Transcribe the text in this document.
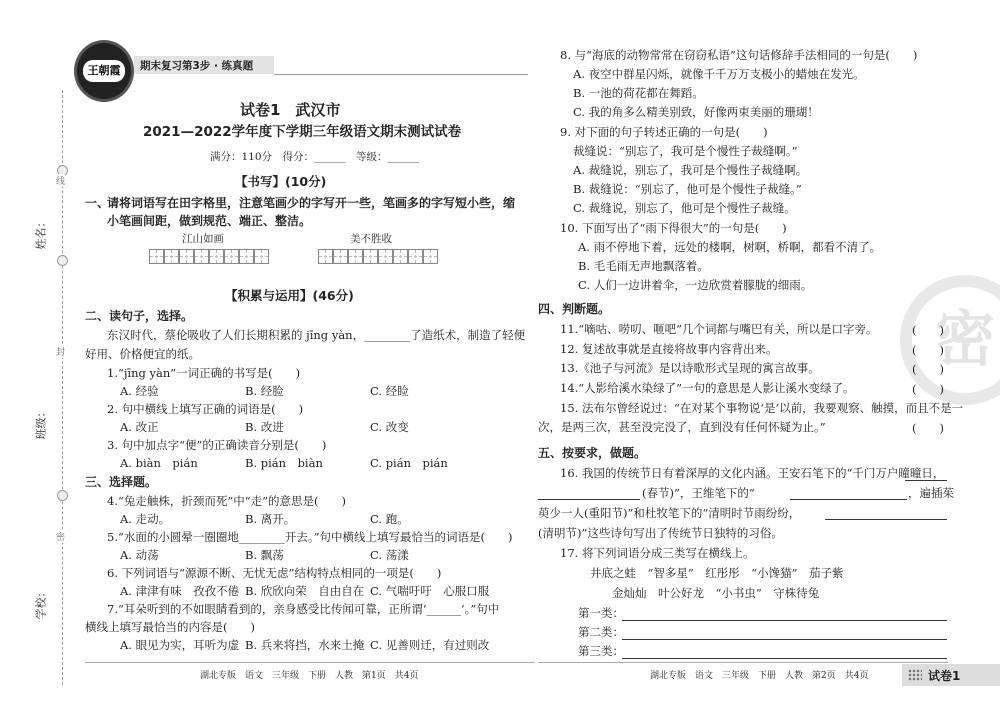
线
封
密
姓名：
班级：
学校：
王朝霞	期末复习第3步 · 练真题
试卷1　武汉市
2021—2022学年度下学期三年级语文期末测试试卷
满分：110分　得分：______　等级：______
【书写】(10分)
一、
请将词语写在田字格里，注意笔画少的字写开一些，笔画多的字写短小些，缩
小笔画间距，做到规范、端正、整洁。
江山如画	美不胜收
【积累与运用】(46分)
二、读句子，选择。
东汉时代，蔡伦吸收了人们长期积累的 jīng yàn，________了造纸术，制造了轻便
好用、价格便宜的纸。
1.“jīng yàn”一词正确的书写是(　　)
A. 经验	B. 经脸	C. 经睑
2. 句中横线上填写正确的词语是(　　)
A. 改正	B. 改进	C. 改变
3. 句中加点字“便”的正确读音分别是(　　)
A. biàn　pián	B. pián　biàn	C. pián　pián
三、选择题。
4.“兔走触株，折颈而死”中“走”的意思是(　　)
A. 走动。	B. 离开。	C. 跑。
5.“水面的小圆晕一圈圈地________开去。”句中横线上填写最恰当的词语是(　　)
A. 动荡	B. 飘荡	C. 荡漾
6. 下列词语与“源源不断、无忧无虑”结构特点相同的一项是(　　)
A. 津津有味　孜孜不倦 B. 欣欣向荣　自由自在 C. 气喘吁吁　心服口服
7.“耳朵听到的不如眼睛看到的，亲身感受比传闻可靠，正所谓‘______’。”句中
横线上填写最恰当的内容是(　　)
A. 眼见为实，耳听为虚 B. 兵来将挡，水来土掩 C. 见善则迁，有过则改
湖北专版　语文　三年级　下册　人教　第1页　共4页
密
8. 与“海底的动物常常在窃窃私语”这句话修辞手法相同的一句是(　　)
A. 夜空中群星闪烁，就像千千万万支极小的蜡烛在发光。
B. 一池的荷花都在舞蹈。
C. 我的角多么精美别致，好像两束美丽的珊瑚！
9. 对下面的句子转述正确的一句是(　　)
裁缝说：“别忘了，我可是个慢性子裁缝啊。”
A. 裁缝说，别忘了，我可是个慢性子裁缝啊。
B. 裁缝说：“别忘了，他可是个慢性子裁缝。”
C. 裁缝说，别忘了，他可是个慢性子裁缝。
10. 下面写出了“雨下得很大”的一句是(　　)
A. 雨不停地下着，远处的楼啊，树啊，桥啊，都看不清了。
B. 毛毛雨无声地飘落着。
C. 人们一边讲着伞，一边欣赏着朦胧的细雨。
四、判断题。
11.“嘀咕、唠叨、咂吧”几个词都与嘴巴有关，所以是口字旁。	(　　)
12. 复述故事就是直接将故事内容背出来。	(　　)
13.《池子与河流》是以诗歌形式呈现的寓言故事。	(　　)
14.“人影给溪水染绿了”一句的意思是人影让溪水变绿了。	(　　)
15. 法布尔曾经说过：“在对某个事物说‘是’以前，我要观察、触摸，而且不是一
次，是两三次，甚至没完没了，直到没有任何怀疑为止。”	(　　)
五、按要求，做题。
16. 我国的传统节日有着深厚的文化内涵。王安石笔下的“千门万户曈曈日，
(春节)”，王维笔下的“	，遍插茱
萸少一人(重阳节)”和杜牧笔下的“清明时节雨纷纷，
(清明节)”这些诗句写出了传统节日独特的习俗。
17. 将下列词语分成三类写在横线上。
井底之蛙　“智多星”　红彤彤　“小馋猫”　茄子紫
金灿灿　叶公好龙　“小书虫”　守株待兔
第一类：
第二类：
第三类：
湖北专版　语文　三年级　下册　人教　第2页　共4页	试卷1
